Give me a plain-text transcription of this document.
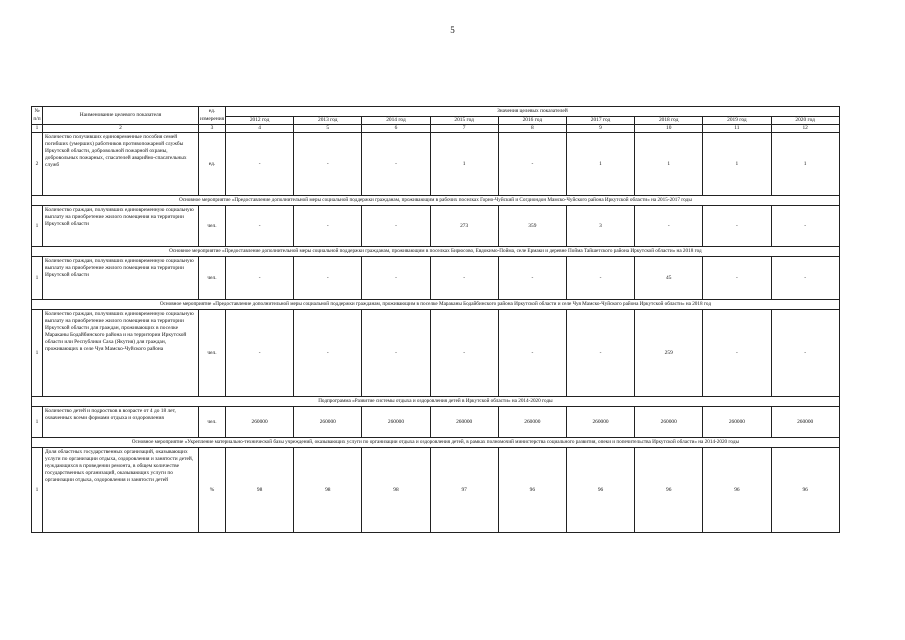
5
№ п/п	Наименование целевого показателя	ед. измерения	Значения целевых показателей								
			2012 год	2013 год	2014 год	2015 год	2016 год	2017 год	2018 год	2019 год	2020 год
1	2	3	4	5	6	7	8	9	10	11	12
2	Количество получивших единовременные пособия семей погибших (умерших) работников противопожарной службы Иркутской области, добровольной пожарной охраны, добровольных пожарных, спасателей аварийно-спасательных служб	ед.	-	-	-	1	-	1	1	1	1
Основное мероприятие «Предоставление дополнительной меры социальной поддержки гражданам, проживающим в рабочих поселках Горно-Чуйский и Согдиондон Мамско-Чуйского района Иркутской области» на 2015-2017 годы											
1	Количество граждан, получивших единовременную социальную выплату на приобретение жилого помещения на территории Иркутской области	чел.	-	-	-	273	359	3	-	-	-
Основное мероприятие «Предоставление дополнительной меры социальной поддержки гражданам, проживающим в поселках Бирюсово, Евдокимо-Пойма, селе Ермаки и деревне Пойма Тайшетского района Иркутской области» на 2018 год											
1	Количество граждан, получивших единовременную социальную выплату на приобретение жилого помещения на территории Иркутской области	чел.	-	-	-	-	-	-	45	-	-
Основное мероприятие «Предоставление дополнительной меры социальной поддержки гражданам, проживающим в поселке Мараканы Бодайбинского района Иркутской области и селе Чуя Мамско-Чуйского района Иркутской области» на 2018 год											
1	Количество граждан, получивших единовременную социальную выплату на приобретение жилого помещения на территории Иркутской области для граждан, проживающих в поселке Мараканы Бодайбинского района и на территории Иркутской области или Республики Саха (Якутия) для граждан, проживающих в селе Чуя Мамско-Чуйского района	чел.	-	-	-	-	-	-	259	-	-
Подпрограмма «Развитие системы отдыха и оздоровления детей в Иркутской области» на 2014-2020 годы											
1	Количество детей и подростков в возрасте от 4 до 18 лет, охваченных всеми формами отдыха и оздоровления	чел.	260000	260000	260000	260000	260000	260000	260000	260000	260000
Основное мероприятие «Укрепление материально-технической базы учреждений, оказывающих услуги по организации отдыха и оздоровления детей, в рамках полномочий министерства социального развития, опеки и попечительства Иркутской области» на 2014-2020 годы											
1	Доля областных государственных организаций, оказывающих услуги по организации отдыха, оздоровления и занятости детей, нуждающихся в проведении ремонта, в общем количестве государственных организаций, оказывающих услуги по организации отдыха, оздоровления и занятости детей	%	98	98	98	97	96	96	96	96	96
